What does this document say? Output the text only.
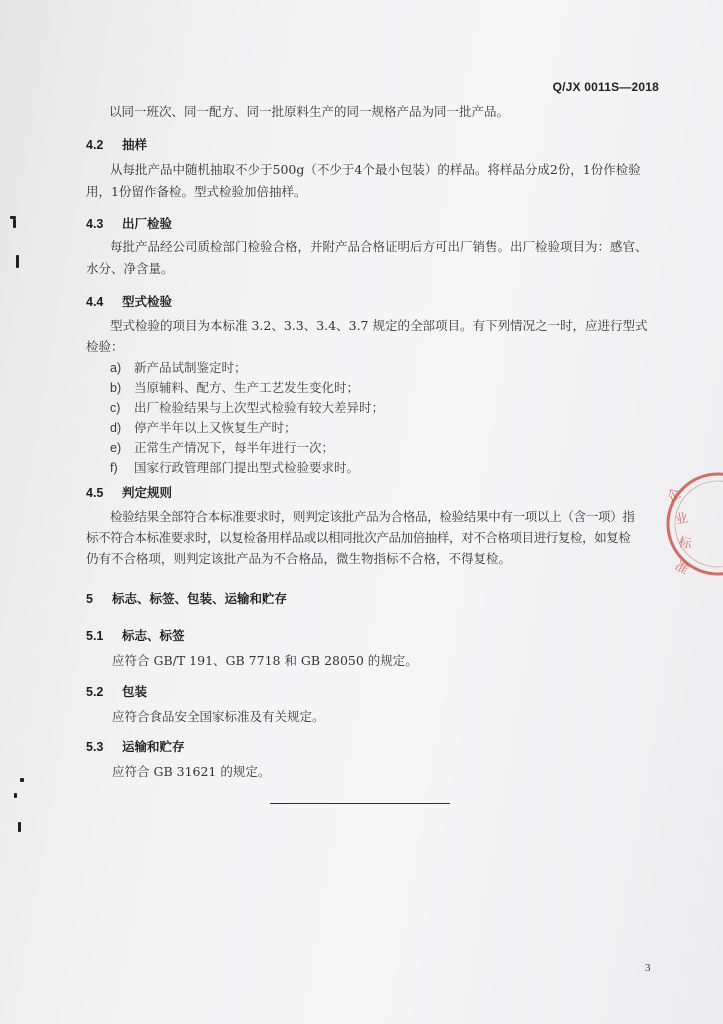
Q/JX 0011S—2018
以同一班次、同一配方、同一批原料生产的同一规格产品为同一批产品。
4.2 抽样
从每批产品中随机抽取不少于500g（不少于4个最小包装）的样品。将样品分成2份，1份作检验
用，1份留作备检。型式检验加倍抽样。
4.3 出厂检验
每批产品经公司质检部门检验合格，并附产品合格证明后方可出厂销售。出厂检验项目为：感官、
水分、净含量。
4.4 型式检验
型式检验的项目为本标准 3.2、3.3、3.4、3.7 规定的全部项目。有下列情况之一时，应进行型式
检验：
a) 新产品试制鉴定时；
b) 当原辅料、配方、生产工艺发生变化时；
c) 出厂检验结果与上次型式检验有较大差异时；
d) 停产半年以上又恢复生产时；
e) 正常生产情况下，每半年进行一次；
f) 国家行政管理部门提出型式检验要求时。
4.5 判定规则
检验结果全部符合本标准要求时，则判定该批产品为合格品，检验结果中有一项以上（含一项）指
标不符合本标准要求时，以复检备用样品或以相同批次产品加倍抽样，对不合格项目进行复检，如复检
仍有不合格项，则判定该批产品为不合格品，微生物指标不合格，不得复检。
5 标志、标签、包装、运输和贮存
5.1 标志、标签
应符合 GB/T 191、GB 7718 和 GB 28050 的规定。
5.2 包装
应符合食品安全国家标准及有关规定。
5.3 运输和贮存
应符合 GB 31621 的规定。
3
企
业
标
准
